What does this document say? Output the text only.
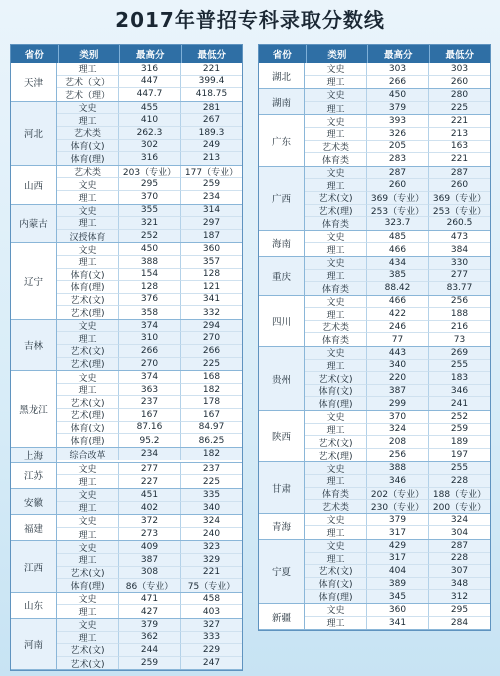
2017年普招专科录取分数线
省份	类别	最高分	最低分
天津
理工	316	221
艺术（文）	447	399.4
艺术（理）	447.7	418.75
河北
文史	455	281
理工	410	267
艺术类	262.3	189.3
体育(文)	302	249
体育(理)	316	213
山西
艺术类	203（专业） 177（专业）
文史	295	259
理工	370	234
内蒙古
文史	355	314
理工	321	297
汉授体育	252	187
辽宁
文史	450	360
理工	388	357
体育(文)	154	128
体育(理)	128	121
艺术(文)	376	341
艺术(理)	358	332
吉林
文史	374	294
理工	310	270
艺术(文)	266	266
艺术(理)	270	225
黑龙江
文史	374	168
理工	363	182
艺术(文)	237	178
艺术(理)	167	167
体育(文)	87.16	84.97
体育(理)	95.2	86.25
上海	综合改革	234	182
江苏
文史	277	237
理工	227	225
安徽
文史	451	335
理工	402	340
福建
文史	372	324
理工	273	240
江西
文史	409	323
理工	387	329
艺术(文)	308	221
体育(理)	86（专业）	75（专业）
山东
文史	471	458
理工	427	403
河南
文史	379	327
理工	362	333
艺术(文)	244	229
艺术(文)	259	247
省份	类别	最高分	最低分
湖北
文史	303	303
理工	266	260
湖南
文史	450	280
理工	379	225
广东
文史	393	221
理工	326	213
艺术类	205	163
体育类	283	221
广西
文史	287	287
理工	260	260
艺术(文)	369（专业） 369（专业）
艺术(理)	253（专业） 253（专业）
体育类	323.7	260.5
海南
文史	485	473
理工	466	384
重庆
文史	434	330
理工	385	277
体育类	88.42	83.77
四川
文史	466	256
理工	422	188
艺术类	246	216
体育类	77	73
贵州
文史	443	269
理工	340	255
艺术(文)	220	183
体育(文)	387	346
体育(理)	299	241
陕西
文史	370	252
理工	324	259
艺术(文)	208	189
艺术(理)	256	197
甘肃
文史	388	255
理工	346	228
体育类	202（专业） 188（专业）
艺术类	230（专业） 200（专业）
青海
文史	379	324
理工	317	304
宁夏
文史	429	287
理工	317	228
艺术(文)	404	307
体育(文)	389	348
体育(理)	345	312
新疆
文史	360	295
理工	341	284
